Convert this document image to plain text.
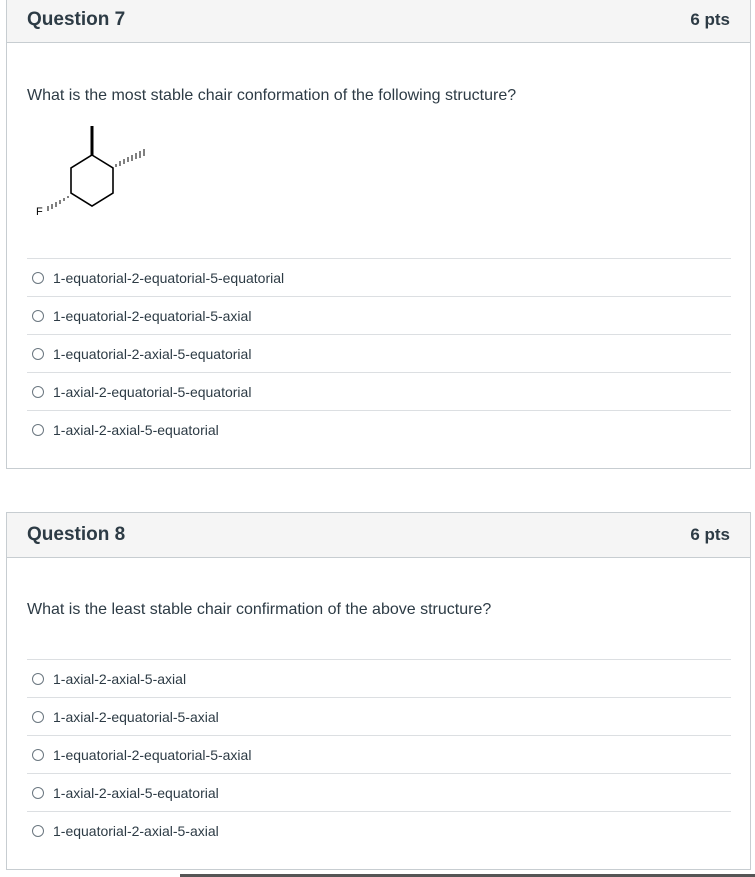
Question 7	6 pts
What is the most stable chair conformation of the following structure?
F
1-equatorial-2-equatorial-5-equatorial
1-equatorial-2-equatorial-5-axial
1-equatorial-2-axial-5-equatorial
1-axial-2-equatorial-5-equatorial
1-axial-2-axial-5-equatorial
Question 8	6 pts
What is the least stable chair confirmation of the above structure?
1-axial-2-axial-5-axial
1-axial-2-equatorial-5-axial
1-equatorial-2-equatorial-5-axial
1-axial-2-axial-5-equatorial
1-equatorial-2-axial-5-axial
